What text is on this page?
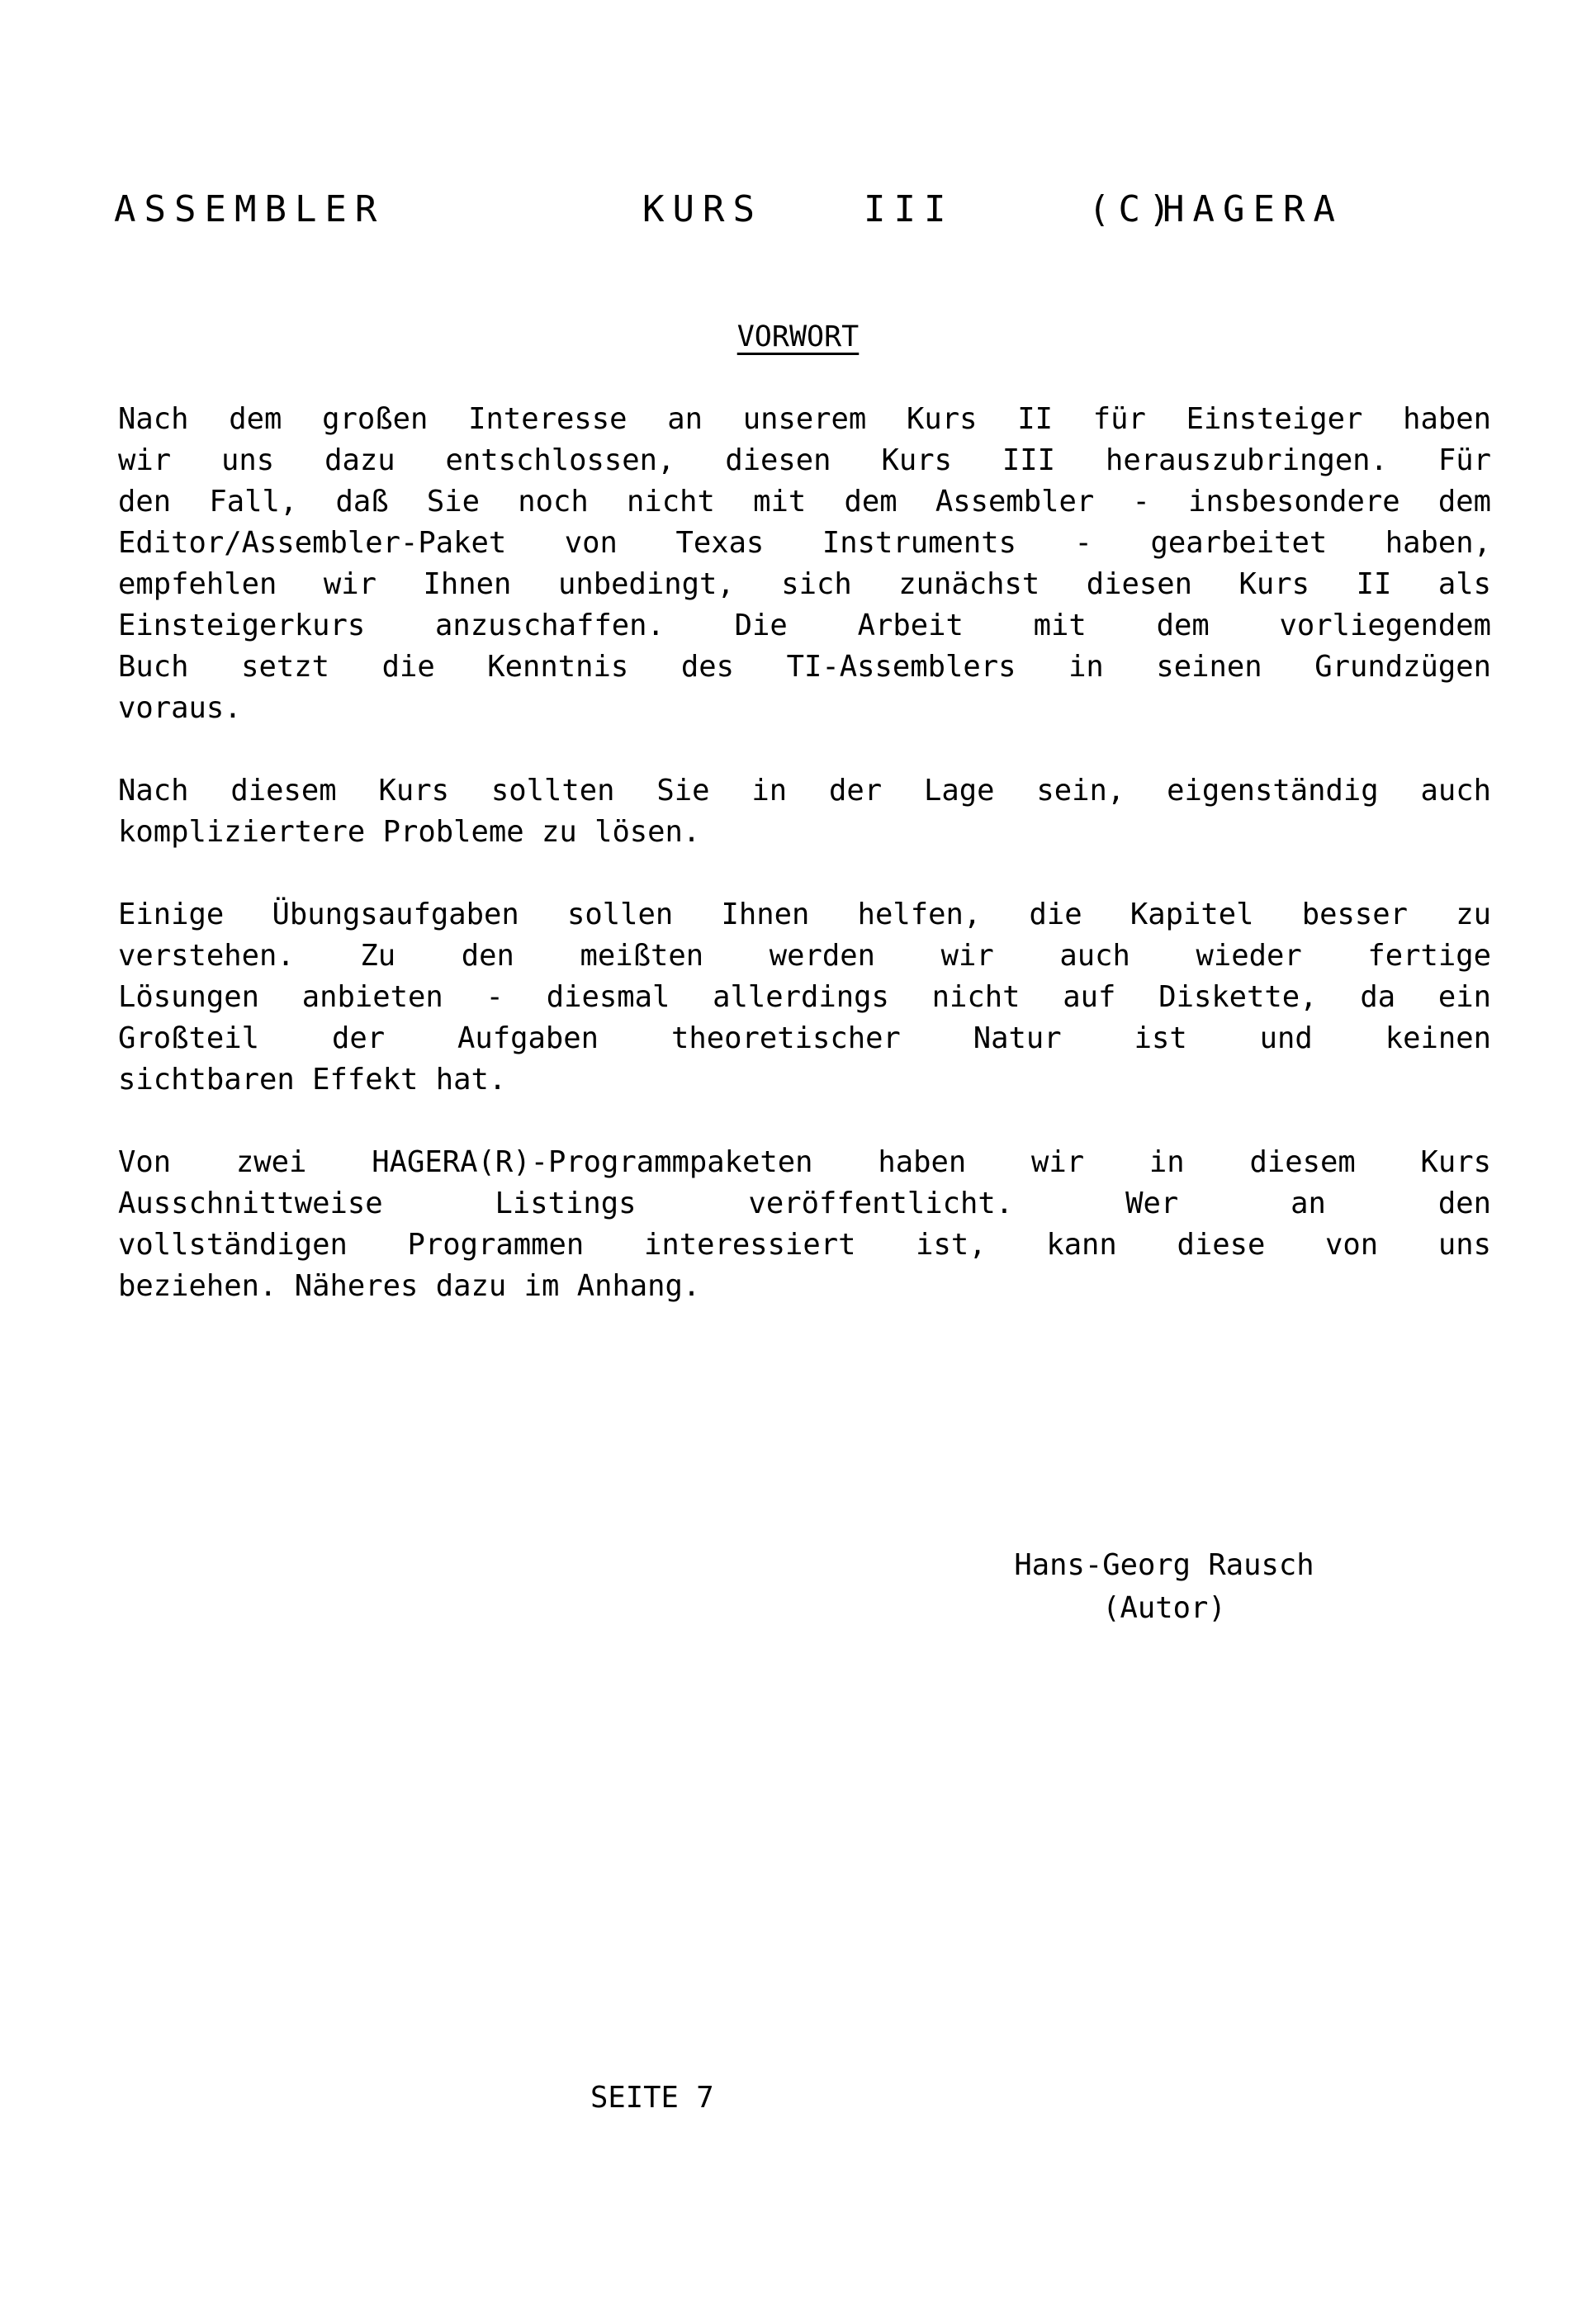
ASSEMBLER

	KURS

	III

	(C)

HAGERA

VORWORT
Nach dem großen Interesse an unserem Kurs II für Einsteiger haben
wir uns dazu entschlossen, diesen Kurs III herauszubringen. Für
den Fall, daß Sie noch nicht mit dem Assembler - insbesondere dem
Editor/Assembler-Paket von Texas Instruments - gearbeitet haben,
empfehlen wir Ihnen unbedingt, sich zunächst diesen Kurs II als
Einsteigerkurs anzuschaffen. Die Arbeit mit dem vorliegendem
Buch setzt die Kenntnis des TI-Assemblers in seinen Grundzügen
voraus.
Nach diesem Kurs sollten Sie in der Lage sein, eigenständig auch
kompliziertere Probleme zu lösen.
Einige Übungsaufgaben sollen Ihnen helfen, die Kapitel besser zu
verstehen. Zu den meißten werden wir auch wieder fertige
Lösungen anbieten - diesmal allerdings nicht auf Diskette, da ein
Großteil der Aufgaben theoretischer Natur ist und keinen
sichtbaren Effekt hat.
Von zwei HAGERA(R)-Programmpaketen haben wir in diesem Kurs
Ausschnittweise Listings veröffentlicht. Wer an den
vollständigen Programmen interessiert ist, kann diese von uns
beziehen. Näheres dazu im Anhang.
Hans-Georg Rausch
(Autor)
SEITE 7
